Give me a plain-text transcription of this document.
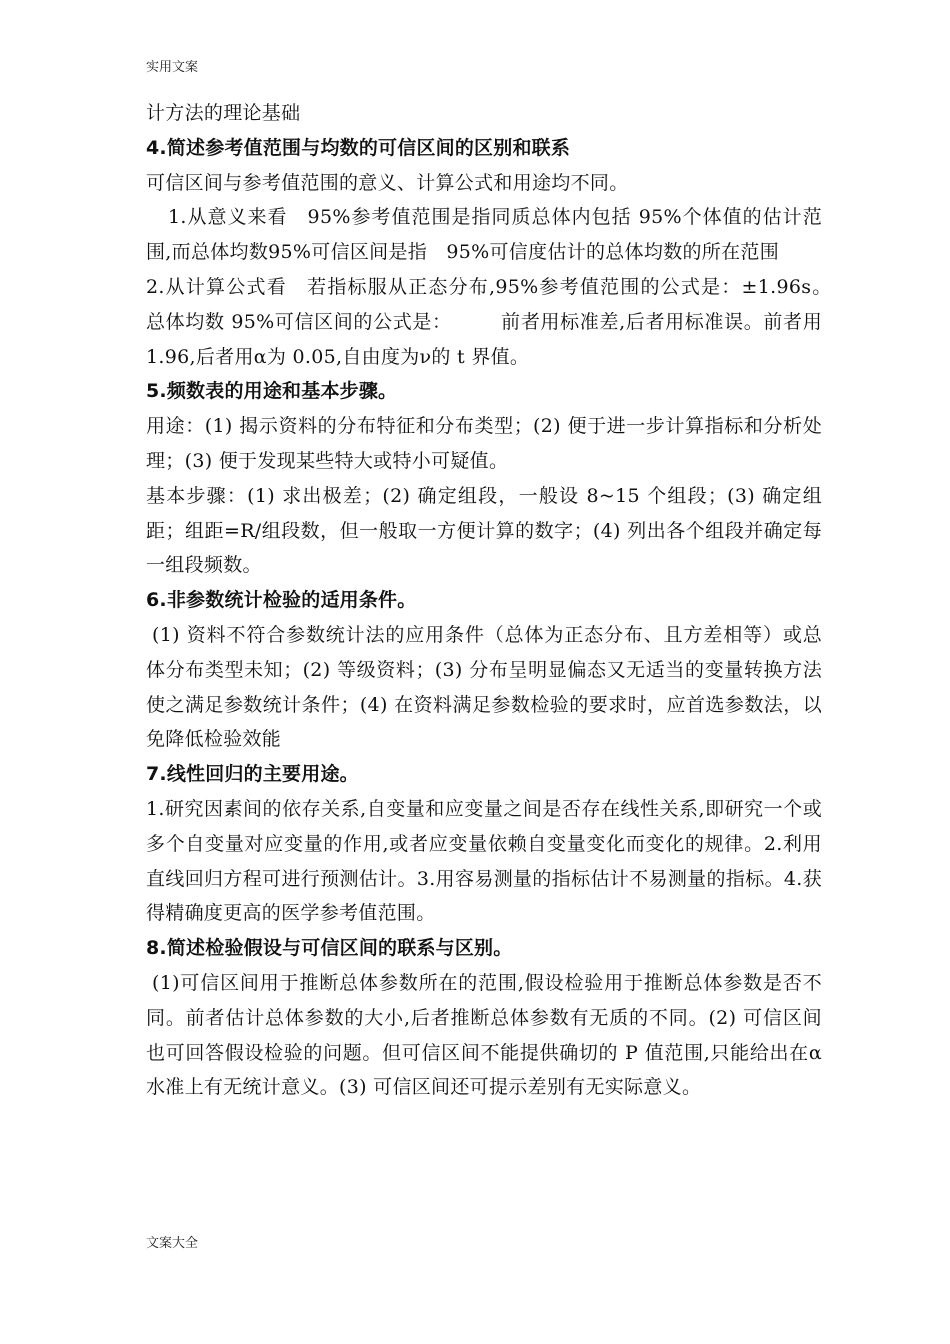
实用文案

计方法的理论基础

4.简述参考值范围与均数的可信区间的区别和联系

可信区间与参考值范围的意义、计算公式和用途均不同。

1.从意义来看　95%参考值范围是指同质总体内包括 95%个体值的估计范围,而总体均数95%可信区间是指　95%可信度估计的总体均数的所在范围

2.从计算公式看　若指标服从正态分布,95%参考值范围的公式是：±1.96s。　总体均数 95%可信区间的公式是：　　　前者用标准差,后者用标准误。前者用 1.96,后者用α为 0.05,自由度为ν的 t 界值。

5.频数表的用途和基本步骤。

用途：(1) 揭示资料的分布特征和分布类型；(2) 便于进一步计算指标和分析处理；(3) 便于发现某些特大或特小可疑值。

基本步骤：(1) 求出极差；(2) 确定组段，一般设 8~15 个组段；(3) 确定组距；组距=R/组段数，但一般取一方便计算的数字；(4) 列出各个组段并确定每一组段频数。

6.非参数统计检验的适用条件。

(1) 资料不符合参数统计法的应用条件（总体为正态分布、且方差相等）或总体分布类型未知；(2) 等级资料；(3) 分布呈明显偏态又无适当的变量转换方法使之满足参数统计条件；(4) 在资料满足参数检验的要求时，应首选参数法，以免降低检验效能

7.线性回归的主要用途。

1.研究因素间的依存关系,自变量和应变量之间是否存在线性关系,即研究一个或多个自变量对应变量的作用,或者应变量依赖自变量变化而变化的规律。2.利用直线回归方程可进行预测估计。3.用容易测量的指标估计不易测量的指标。4.获得精确度更高的医学参考值范围。

8.简述检验假设与可信区间的联系与区别。

(1)可信区间用于推断总体参数所在的范围,假设检验用于推断总体参数是否不同。前者估计总体参数的大小,后者推断总体参数有无质的不同。(2) 可信区间也可回答假设检验的问题。但可信区间不能提供确切的 P 值范围,只能给出在α水准上有无统计意义。(3) 可信区间还可提示差别有无实际意义。

文案大全
